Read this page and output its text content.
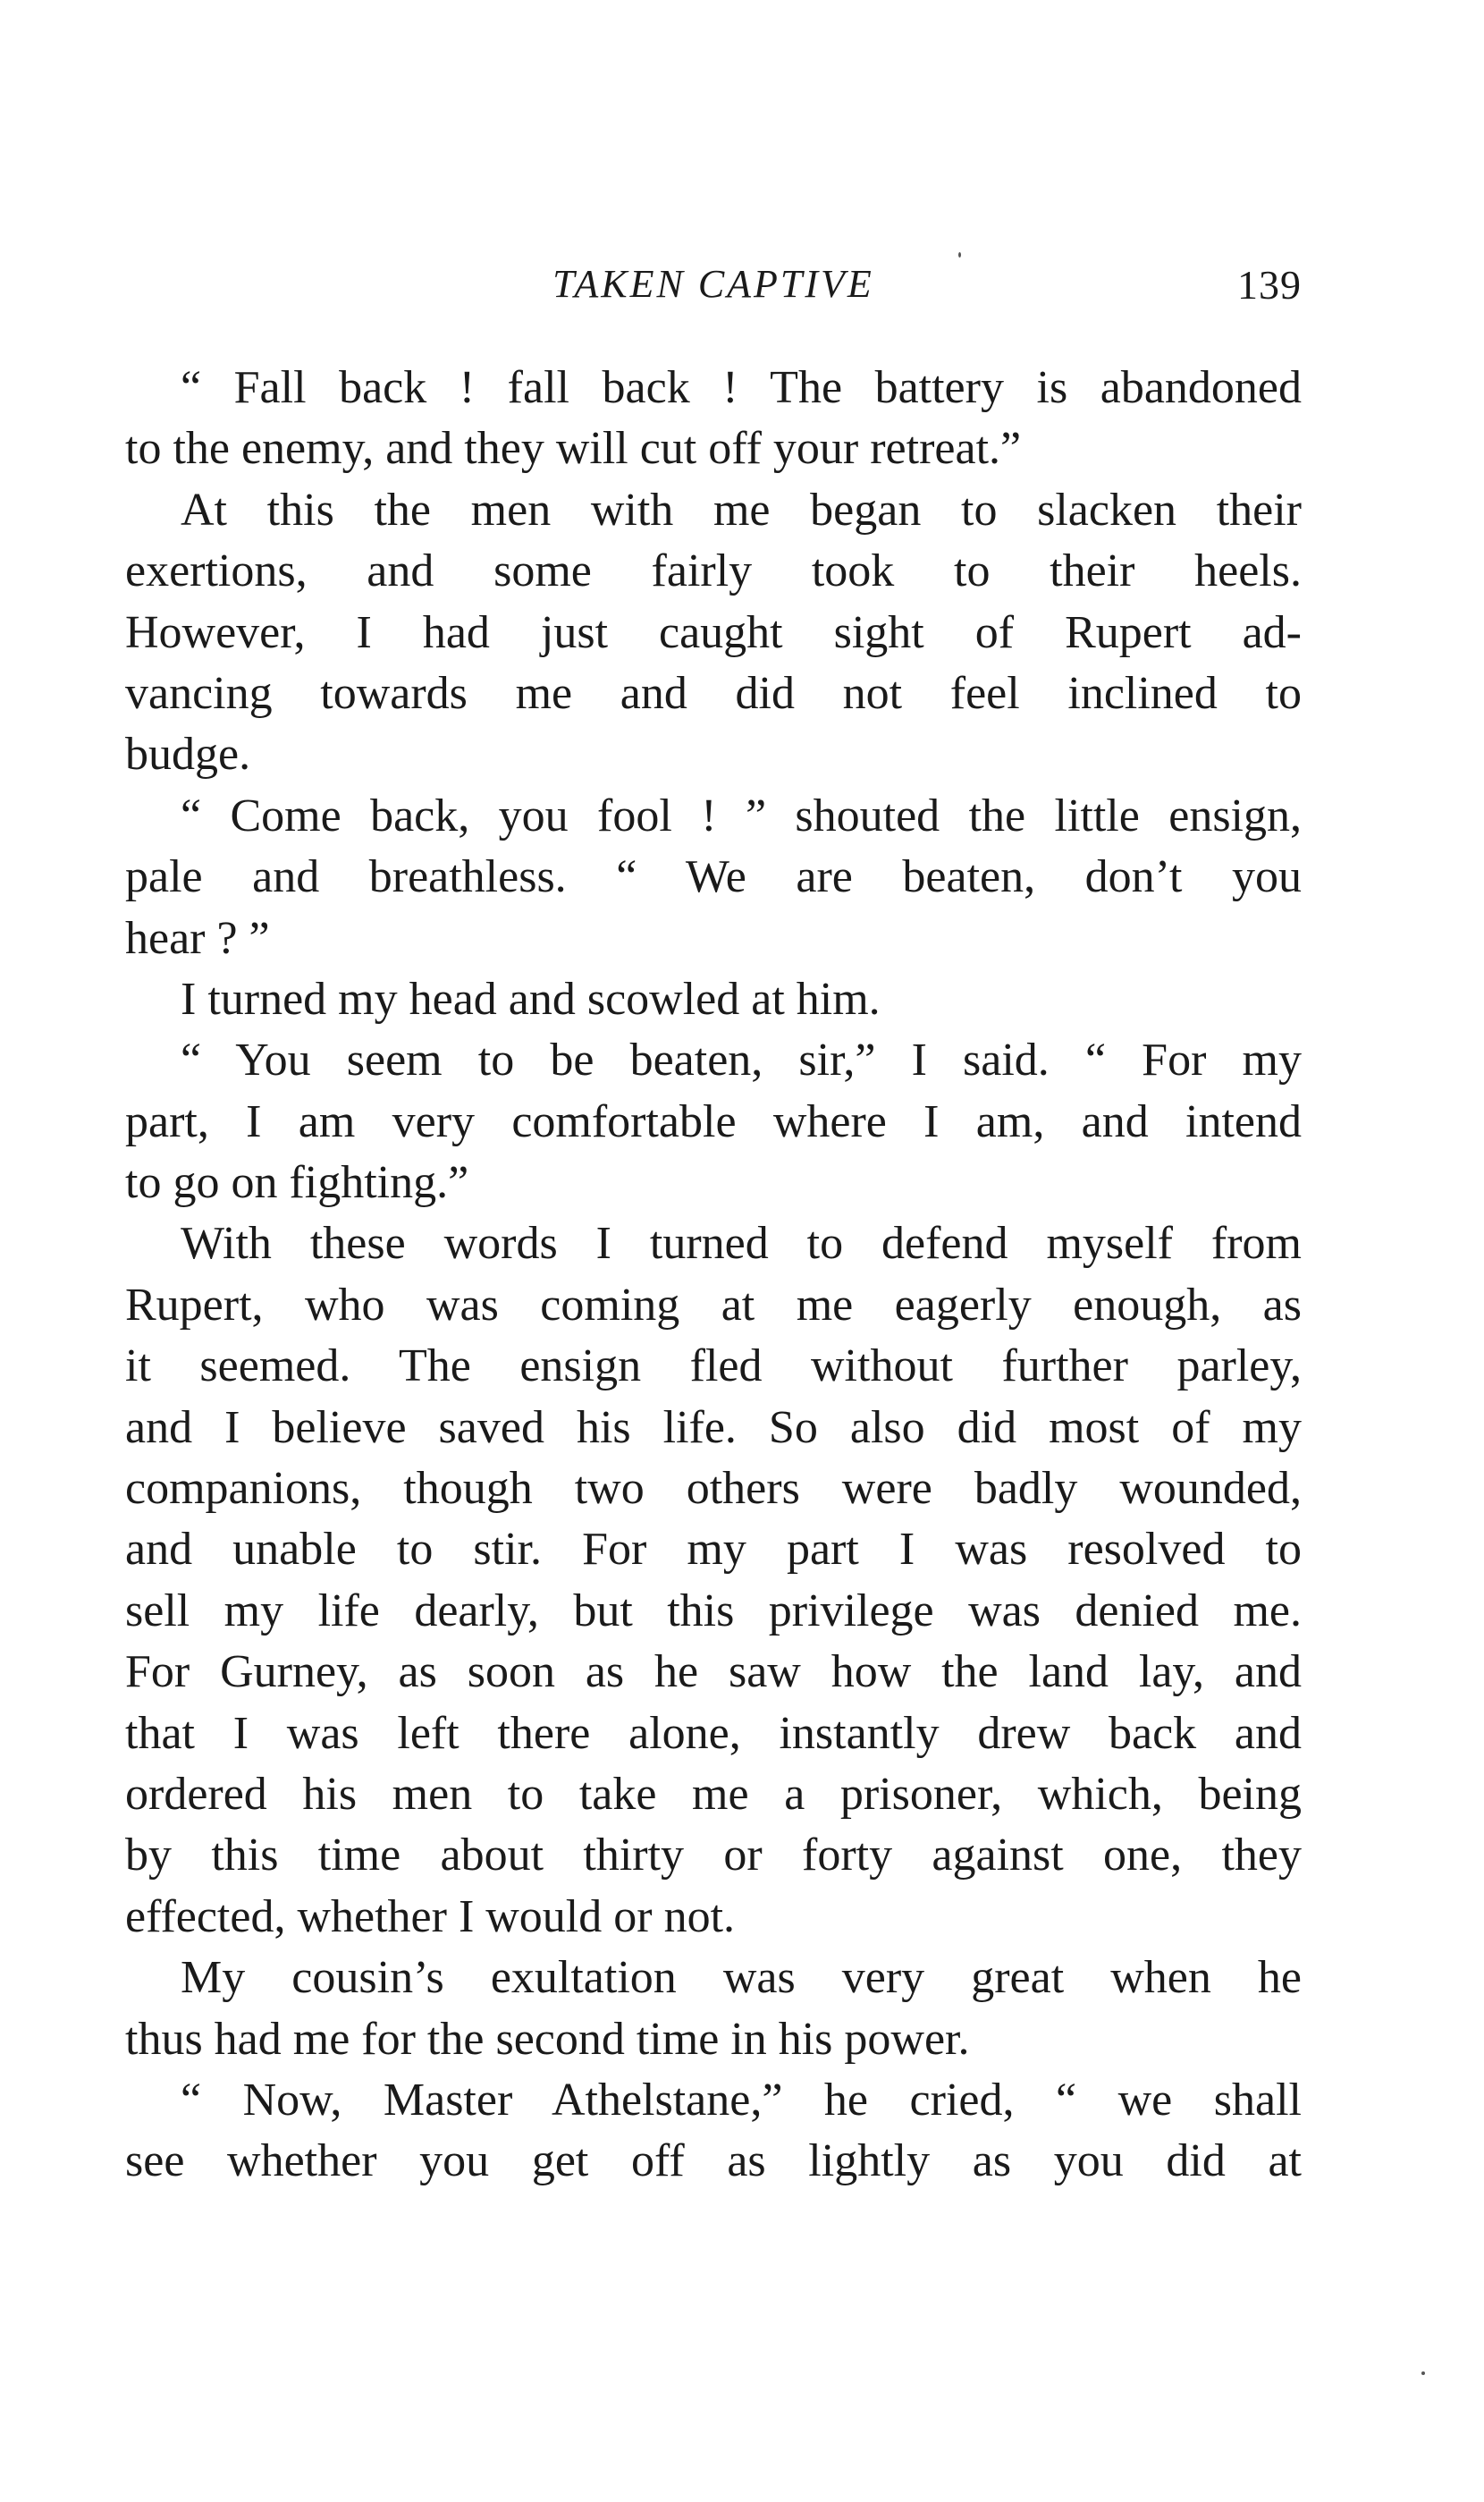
TAKEN CAPTIVE	139
“ Fall back ! fall back ! The battery is abandoned
to the enemy, and they will cut off your retreat.”
At this the men with me began to slacken their
exertions, and some fairly took to their heels.
However, I had just caught sight of Rupert ad-
vancing towards me and did not feel inclined to
budge.
“ Come back, you fool ! ” shouted the little ensign,
pale and breathless. “ We are beaten, don’t you
hear ? ”
I turned my head and scowled at him.
“ You seem to be beaten, sir,” I said. “ For my
part, I am very comfortable where I am, and intend
to go on fighting.”
With these words I turned to defend myself from
Rupert, who was coming at me eagerly enough, as
it seemed. The ensign fled without further parley,
and I believe saved his life. So also did most of my
companions, though two others were badly wounded,
and unable to stir. For my part I was resolved to
sell my life dearly, but this privilege was denied me.
For Gurney, as soon as he saw how the land lay, and
that I was left there alone, instantly drew back and
ordered his men to take me a prisoner, which, being
by this time about thirty or forty against one, they
effected, whether I would or not.
My cousin’s exultation was very great when he
thus had me for the second time in his power.
“ Now, Master Athelstane,” he cried, “ we shall
see whether you get off as lightly as you did at
